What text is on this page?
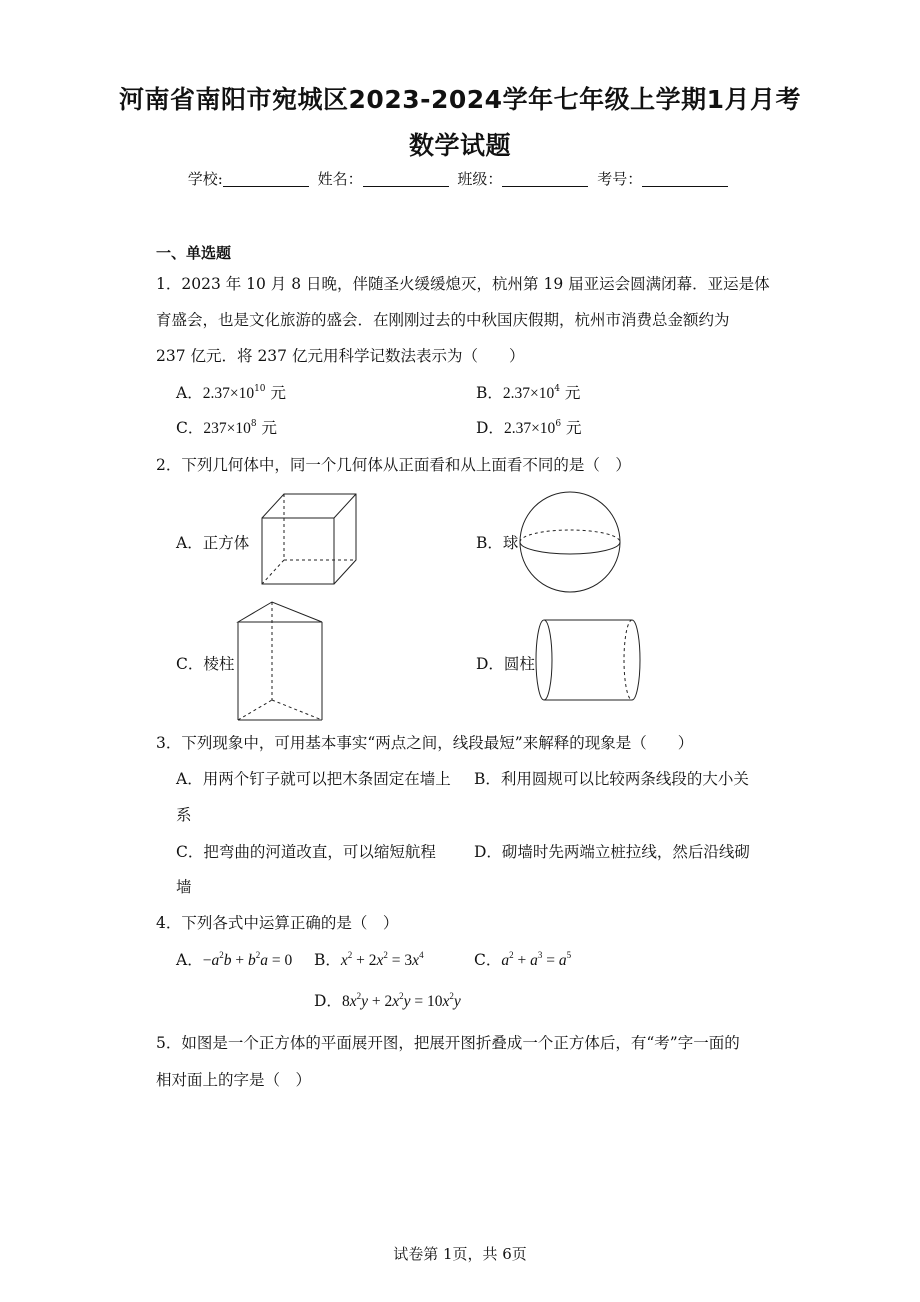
河南省南阳市宛城区2023-2024学年七年级上学期1月月考
数学试题
学校:	姓名：	班级：	考号：
一、单选题
1．2023 年 10 月 8 日晚，伴随圣火缓缓熄灭，杭州第 19 届亚运会圆满闭幕．亚运是体
育盛会，也是文化旅游的盛会．在刚刚过去的中秋国庆假期，杭州市消费总金额约为
237 亿元．将 237 亿元用科学记数法表示为（　　）
A．$2.37\times 10^{10}$ 元	B．$2.37\times 10^4$ 元
C．$237\times 10^8$ 元	D．$2.37\times 10^6$ 元
2．下列几何体中，同一个几何体从正面看和从上面看不同的是（　）
A．正方体	B．球
C．棱柱	D．圆柱
3．下列现象中，可用基本事实“两点之间，线段最短”来解释的现象是（　　）
A．用两个钉子就可以把木条固定在墙上 B．利用圆规可以比较两条线段的大小关
系
C．把弯曲的河道改直，可以缩短航程 D．砌墙时先两端立桩拉线，然后沿线砌
墙
4．下列各式中运算正确的是（　）
A．$-a^2b + b^2a = 0$ B．$x^2 + 2x^2 = 3x^4$	C．$a^2 + a^3 = a^5$
D．$8x^2y + 2x^2y = 10x^2y$
5．如图是一个正方体的平面展开图，把展开图折叠成一个正方体后，有“考”字一面的
相对面上的字是（　）
试卷第 1页，共 6页
